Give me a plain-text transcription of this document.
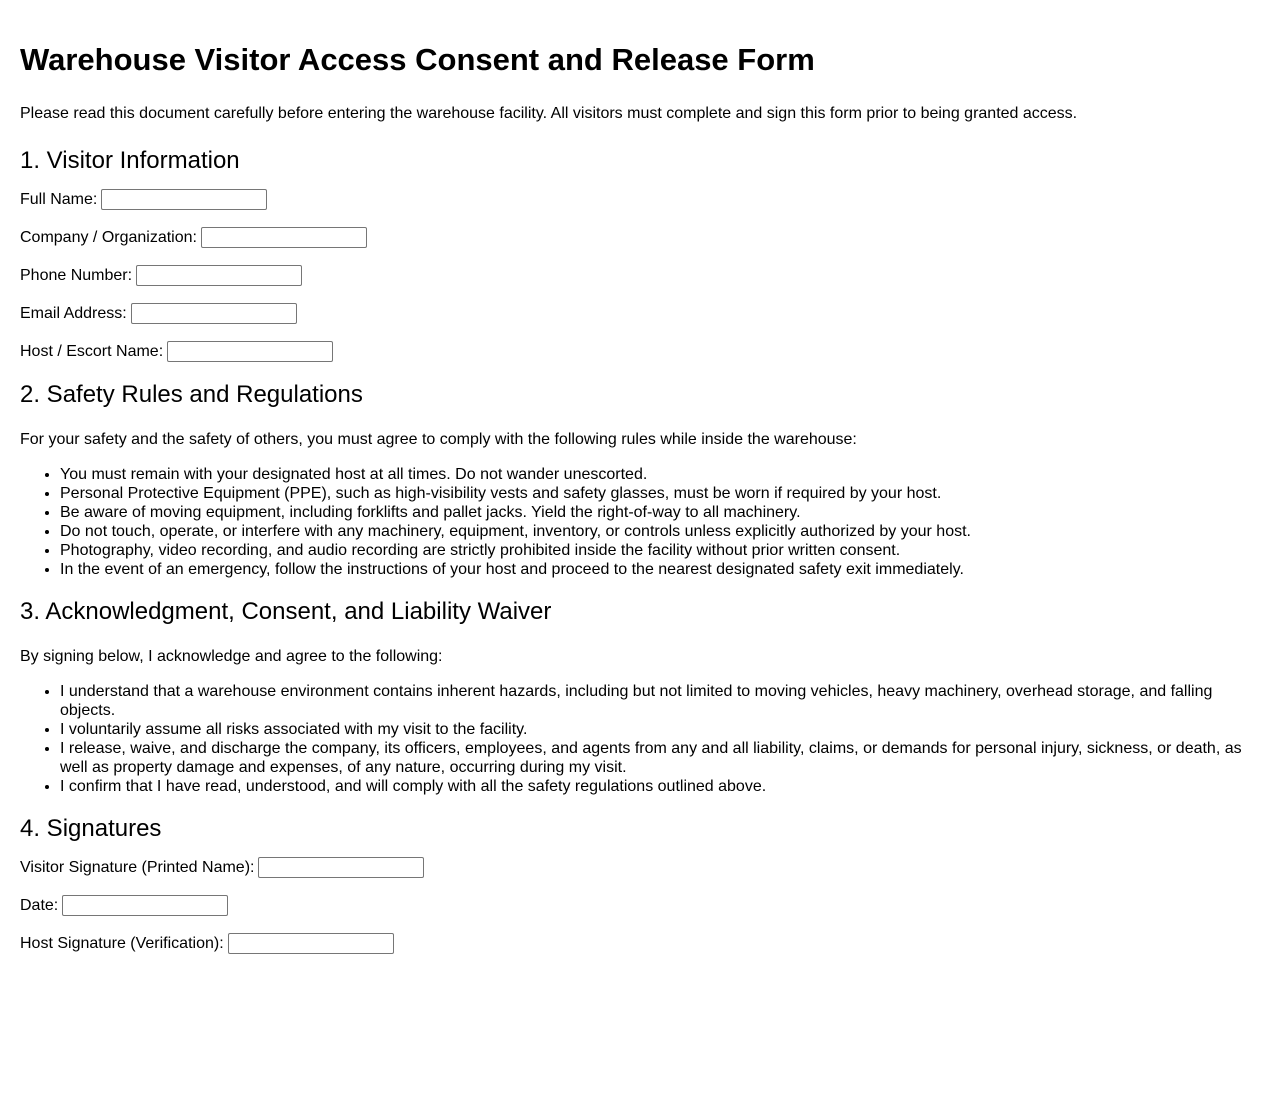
Warehouse Visitor Access Consent and Release Form

Please read this document carefully before entering the warehouse facility. All visitors must complete and sign this form prior to being granted access.

1. Visitor Information
Full Name:
Company / Organization:
Phone Number:
Email Address:
Host / Escort Name:
2. Safety Rules and Regulations

For your safety and the safety of others, you must agree to comply with the following rules while inside the warehouse:

• You must remain with your designated host at all times. Do not wander unescorted.
• Personal Protective Equipment (PPE), such as high-visibility vests and safety glasses, must be worn if required by your host.
• Be aware of moving equipment, including forklifts and pallet jacks. Yield the right-of-way to all machinery.
• Do not touch, operate, or interfere with any machinery, equipment, inventory, or controls unless explicitly authorized by your host.
• Photography, video recording, and audio recording are strictly prohibited inside the facility without prior written consent.
• In the event of an emergency, follow the instructions of your host and proceed to the nearest designated safety exit immediately.
3. Acknowledgment, Consent, and Liability Waiver

By signing below, I acknowledge and agree to the following:

• I understand that a warehouse environment contains inherent hazards, including but not limited to moving vehicles, heavy machinery, overhead storage, and falling objects.
• I voluntarily assume all risks associated with my visit to the facility.
• I release, waive, and discharge the company, its officers, employees, and agents from any and all liability, claims, or demands for personal injury, sickness, or death, as well as property damage and expenses, of any nature, occurring during my visit.
• I confirm that I have read, understood, and will comply with all the safety regulations outlined above.
4. Signatures
Visitor Signature (Printed Name):
Date:
Host Signature (Verification):
